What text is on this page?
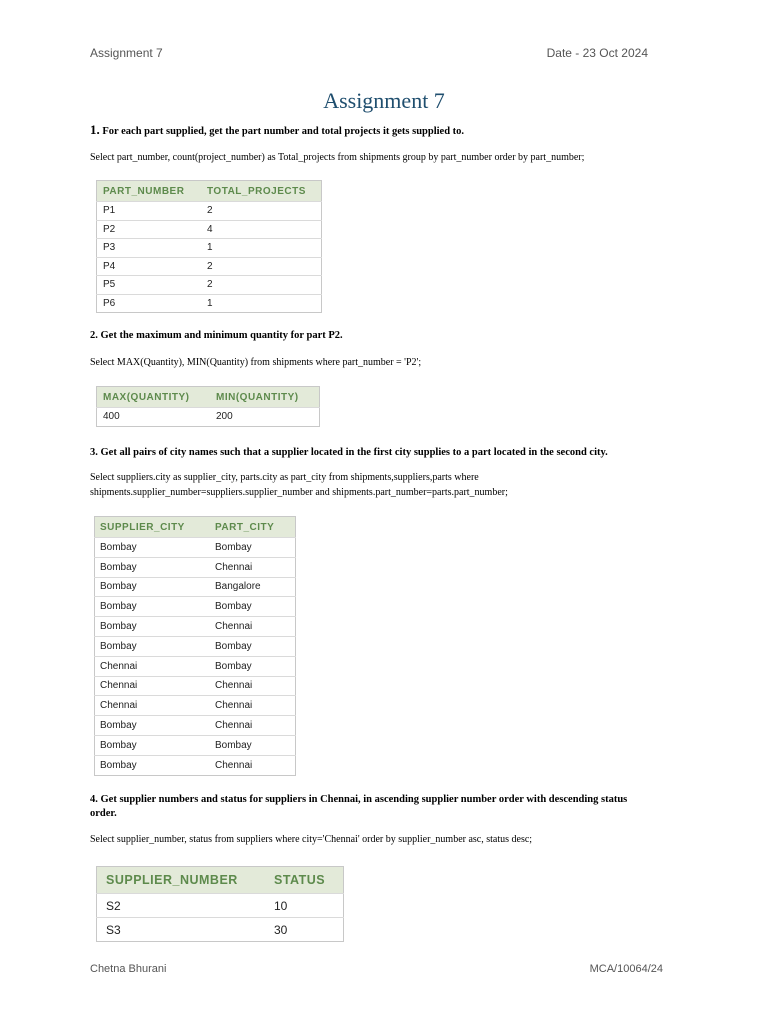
Assignment 7	Date - 23 Oct 2024
Assignment 7
1. For each part supplied, get the part number and total projects it gets supplied to.
Select part_number, count(project_number) as Total_projects from shipments group by part_number order by part_number;
PART_NUMBER	TOTAL_PROJECTS
P1	2
P2	4
P3	1
P4	2
P5	2
P6	1
2. Get the maximum and minimum quantity for part P2.
Select MAX(Quantity), MIN(Quantity) from shipments where part_number = 'P2';
MAX(QUANTITY)	MIN(QUANTITY)
400	200
3. Get all pairs of city names such that a supplier located in the first city supplies to a part located in the second city.
Select suppliers.city as supplier_city, parts.city as part_city from shipments,suppliers,parts where
shipments.supplier_number=suppliers.supplier_number and shipments.part_number=parts.part_number;
SUPPLIER_CITY	PART_CITY
Bombay	Bombay
Bombay	Chennai
Bombay	Bangalore
Bombay	Bombay
Bombay	Chennai
Bombay	Bombay
Chennai	Bombay
Chennai	Chennai
Chennai	Chennai
Bombay	Chennai
Bombay	Bombay
Bombay	Chennai
4. Get supplier numbers and status for suppliers in Chennai, in ascending supplier number order with descending status
order.
Select supplier_number, status from suppliers where city='Chennai' order by supplier_number asc, status desc;
SUPPLIER_NUMBER	STATUS
S2	10
S3	30
Chetna Bhurani	MCA/10064/24
